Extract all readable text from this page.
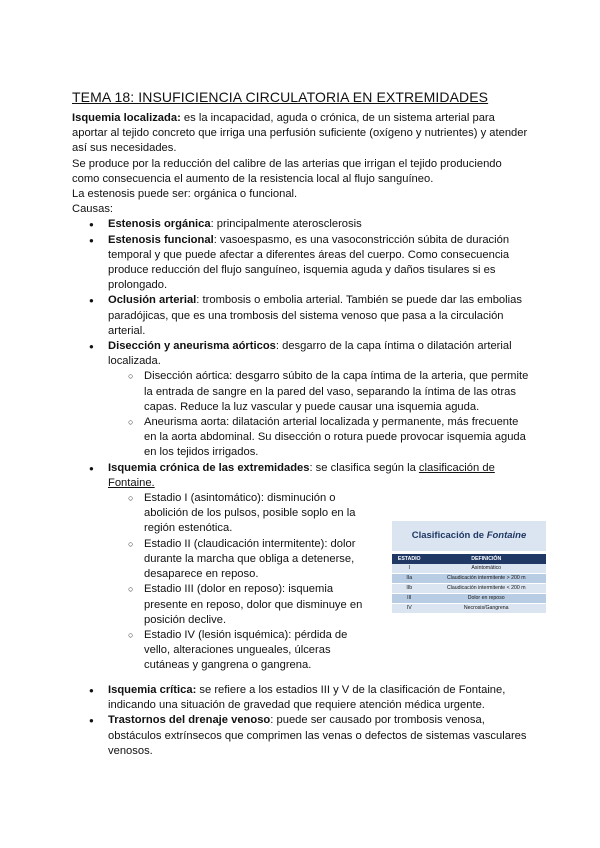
TEMA 18: INSUFICIENCIA CIRCULATORIA EN EXTREMIDADES

Isquemia localizada: es la incapacidad, aguda o crónica, de un sistema arterial para aportar al tejido concreto que irriga una perfusión suficiente (oxígeno y nutrientes) y atender así sus necesidades.

Se produce por la reducción del calibre de las arterias que irrigan el tejido produciendo como consecuencia el aumento de la resistencia local al flujo sanguíneo.

La estenosis puede ser: orgánica o funcional.

Causas:

● Estenosis orgánica: principalmente aterosclerosis
● Estenosis funcional: vasoespasmo, es una vasoconstricción súbita de duración temporal y que puede afectar a diferentes áreas del cuerpo. Como consecuencia produce reducción del flujo sanguíneo, isquemia aguda y daños tisulares si es prolongado.
● Oclusión arterial: trombosis o embolia arterial. También se puede dar las embolias paradójicas, que es una trombosis del sistema venoso que pasa a la circulación arterial.
● Disección y aneurisma aórticos: desgarro de la capa íntima o dilatación arterial localizada.
○ Disección aórtica: desgarro súbito de la capa íntima de la arteria, que permite la entrada de sangre en la pared del vaso, separando la íntima de las otras capas. Reduce la luz vascular y puede causar una isquemia aguda.
○ Aneurisma aorta: dilatación arterial localizada y permanente, más frecuente en la aorta abdominal. Su disección o rotura puede provocar isquemia aguda en los tejidos irrigados.
● Isquemia crónica de las extremidades: se clasifica según la clasificación de Fontaine.
○ Estadio I (asintomático): disminución o abolición de los pulsos, posible soplo en la región estenótica.
○ Estadio II (claudicación intermitente): dolor durante la marcha que obliga a detenerse, desaparece en reposo.
○ Estadio III (dolor en reposo): isquemia presente en reposo, dolor que disminuye en posición declive.
○ Estadio IV (lesión isquémica): pérdida de vello, alteraciones ungueales, úlceras cutáneas y gangrena o gangrena.
Clasificación de Fontaine
ESTADIO	DEFINICIÓN
I	Asintomático
IIa	Claudicación intermitente > 200 m
IIb	Claudicación intermitente < 200 m
III	Dolor en reposo
IV	Necrosis/Gangrena
● Isquemia crítica: se refiere a los estadios III y V de la clasificación de Fontaine, indicando una situación de gravedad que requiere atención médica urgente.
● Trastornos del drenaje venoso: puede ser causado por trombosis venosa, obstáculos extrínsecos que comprimen las venas o defectos de sistemas vasculares venosos.
